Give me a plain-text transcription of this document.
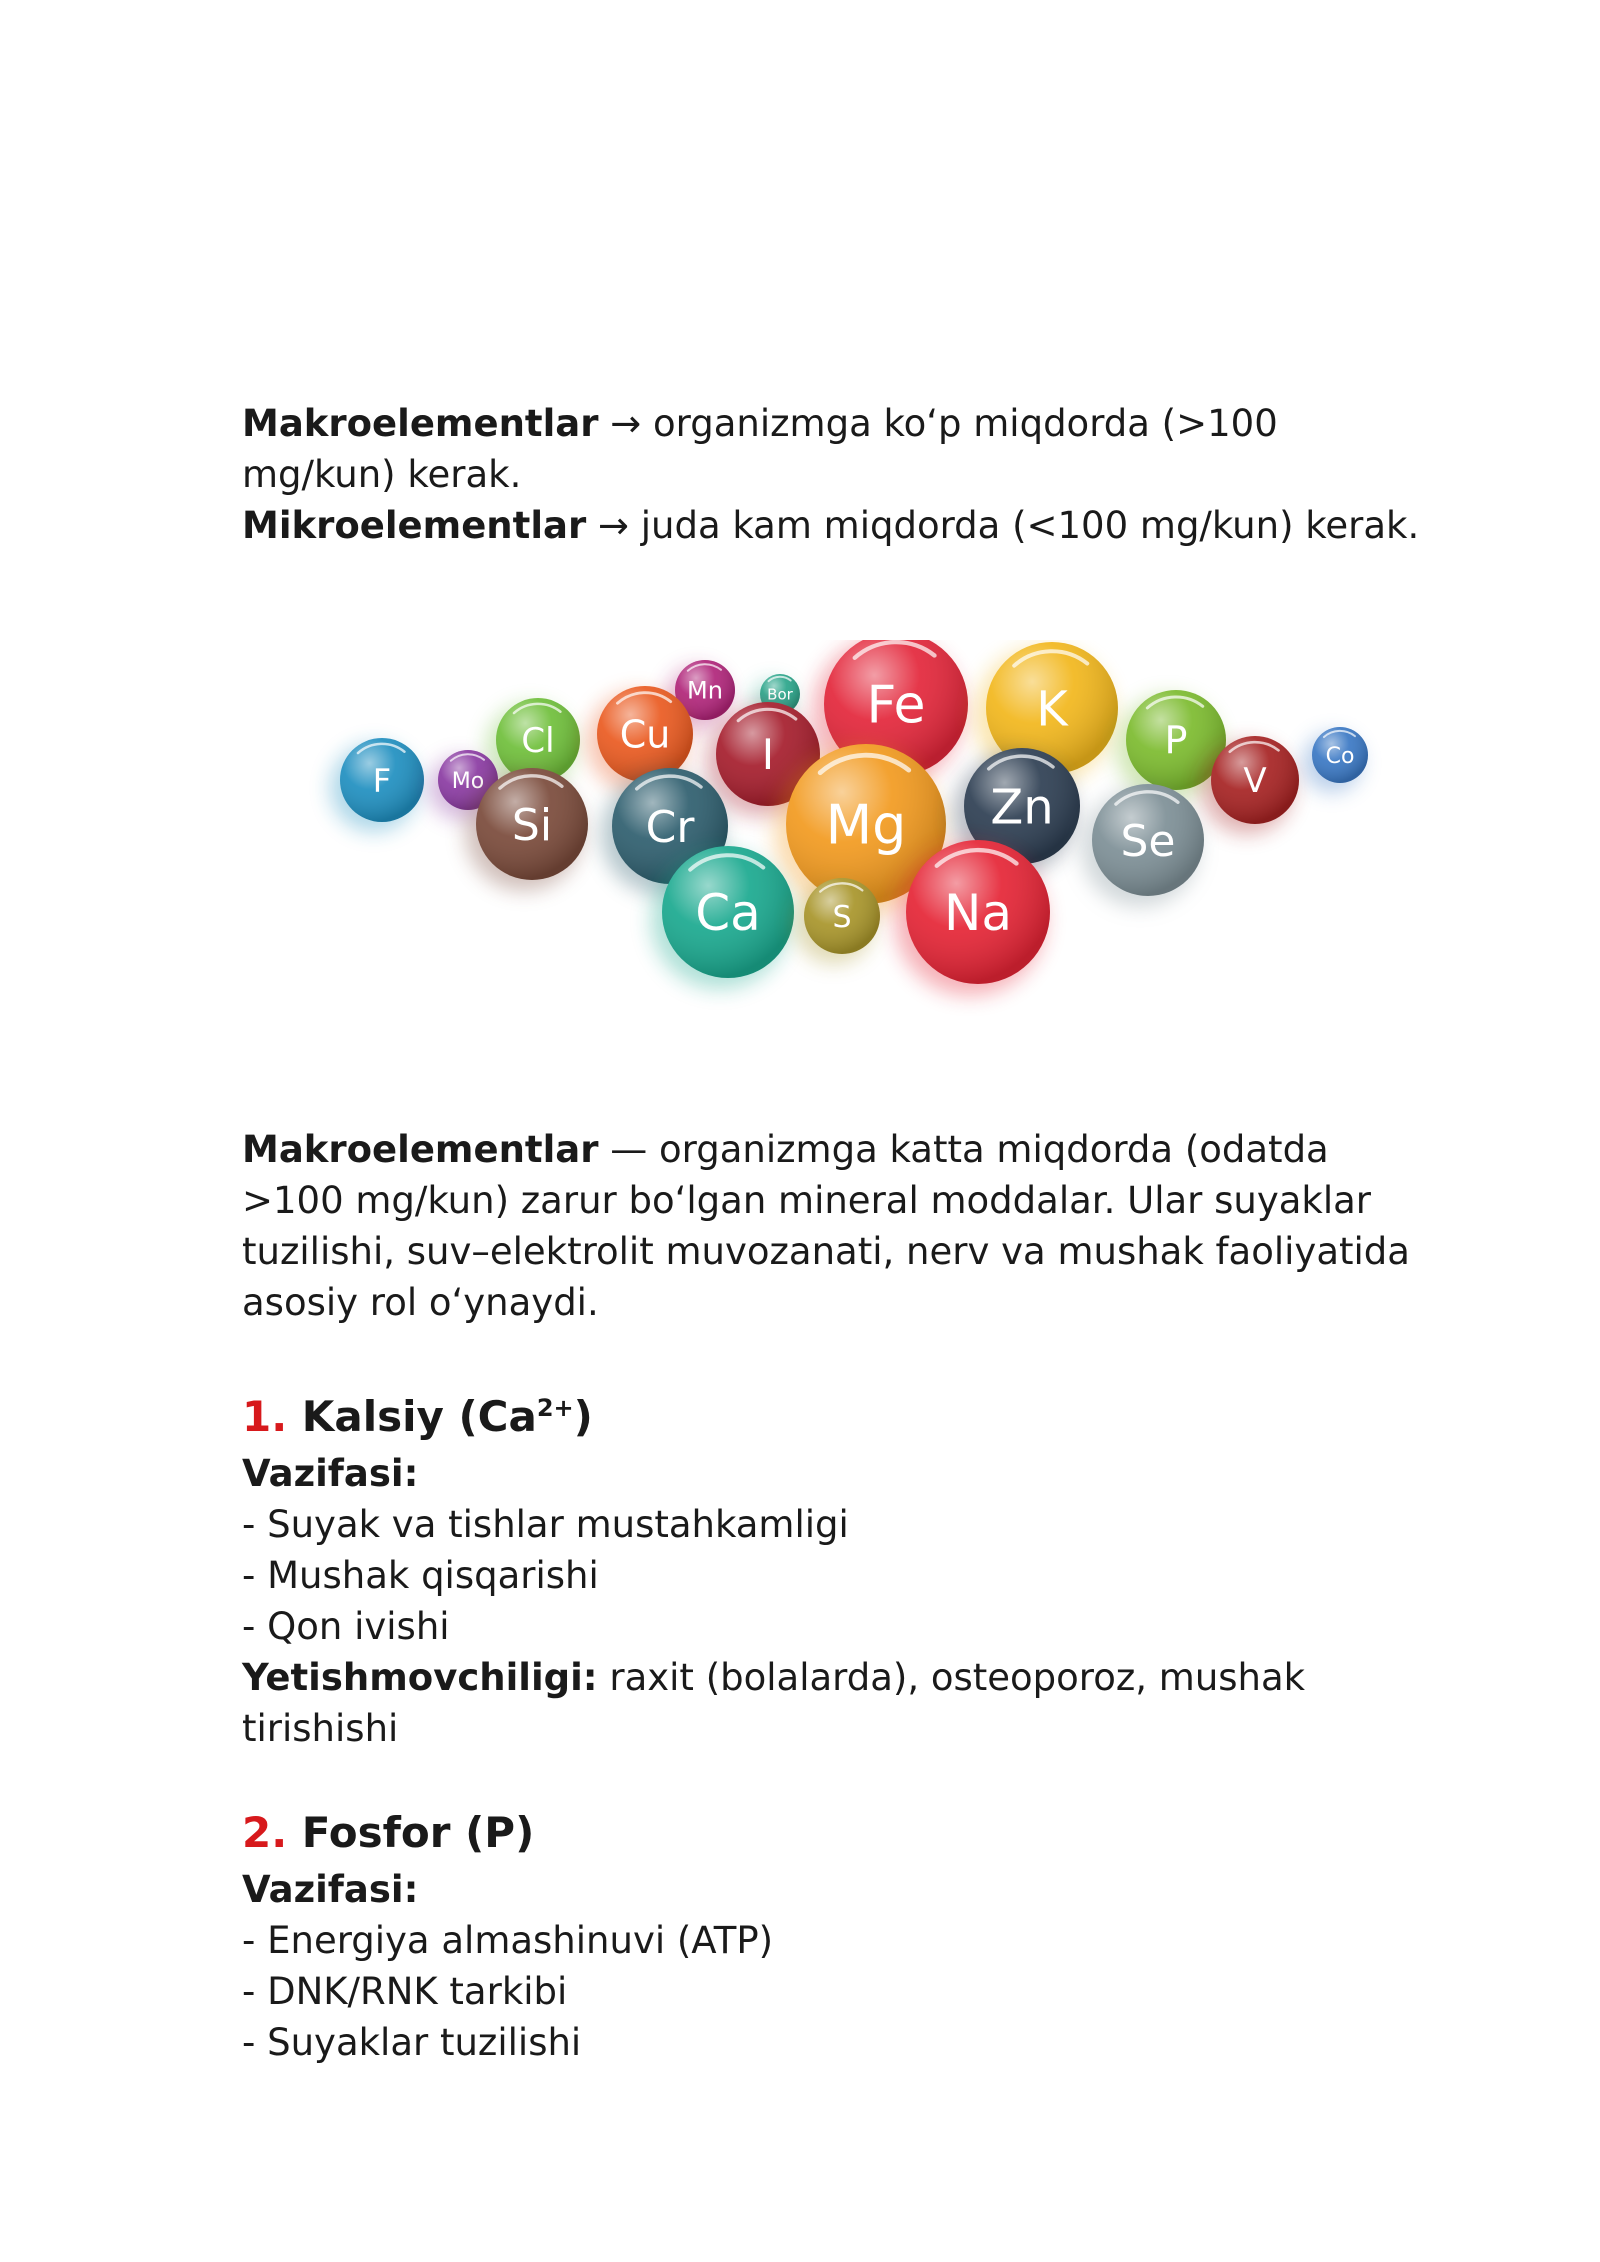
Makroelementlar → organizmga ko‘p miqdorda (>100
mg/kun) kerak.
Mikroelementlar → juda kam miqdorda (<100 mg/kun) kerak.
Mn	Bor Fe K
Cl Cu I	P	Co
F	Mo
Si Cr Mg Zn	V
Se
Ca S Na
Makroelementlar — organizmga katta miqdorda (odatda
>100 mg/kun) zarur bo‘lgan mineral moddalar. Ular suyaklar
tuzilishi, suv–elektrolit muvozanati, nerv va mushak faoliyatida
asosiy rol o‘ynaydi.
1. Kalsiy $(Ca^{2+})$
Vazifasi:
- Suyak va tishlar mustahkamligi
- Mushak qisqarishi
- Qon ivishi
Yetishmovchiligi: raxit (bolalarda), osteoporoz, mushak
tirishishi
2. Fosfor (P)
Vazifasi:
- Energiya almashinuvi (ATP)
- DNK/RNK tarkibi
- Suyaklar tuzilishi
